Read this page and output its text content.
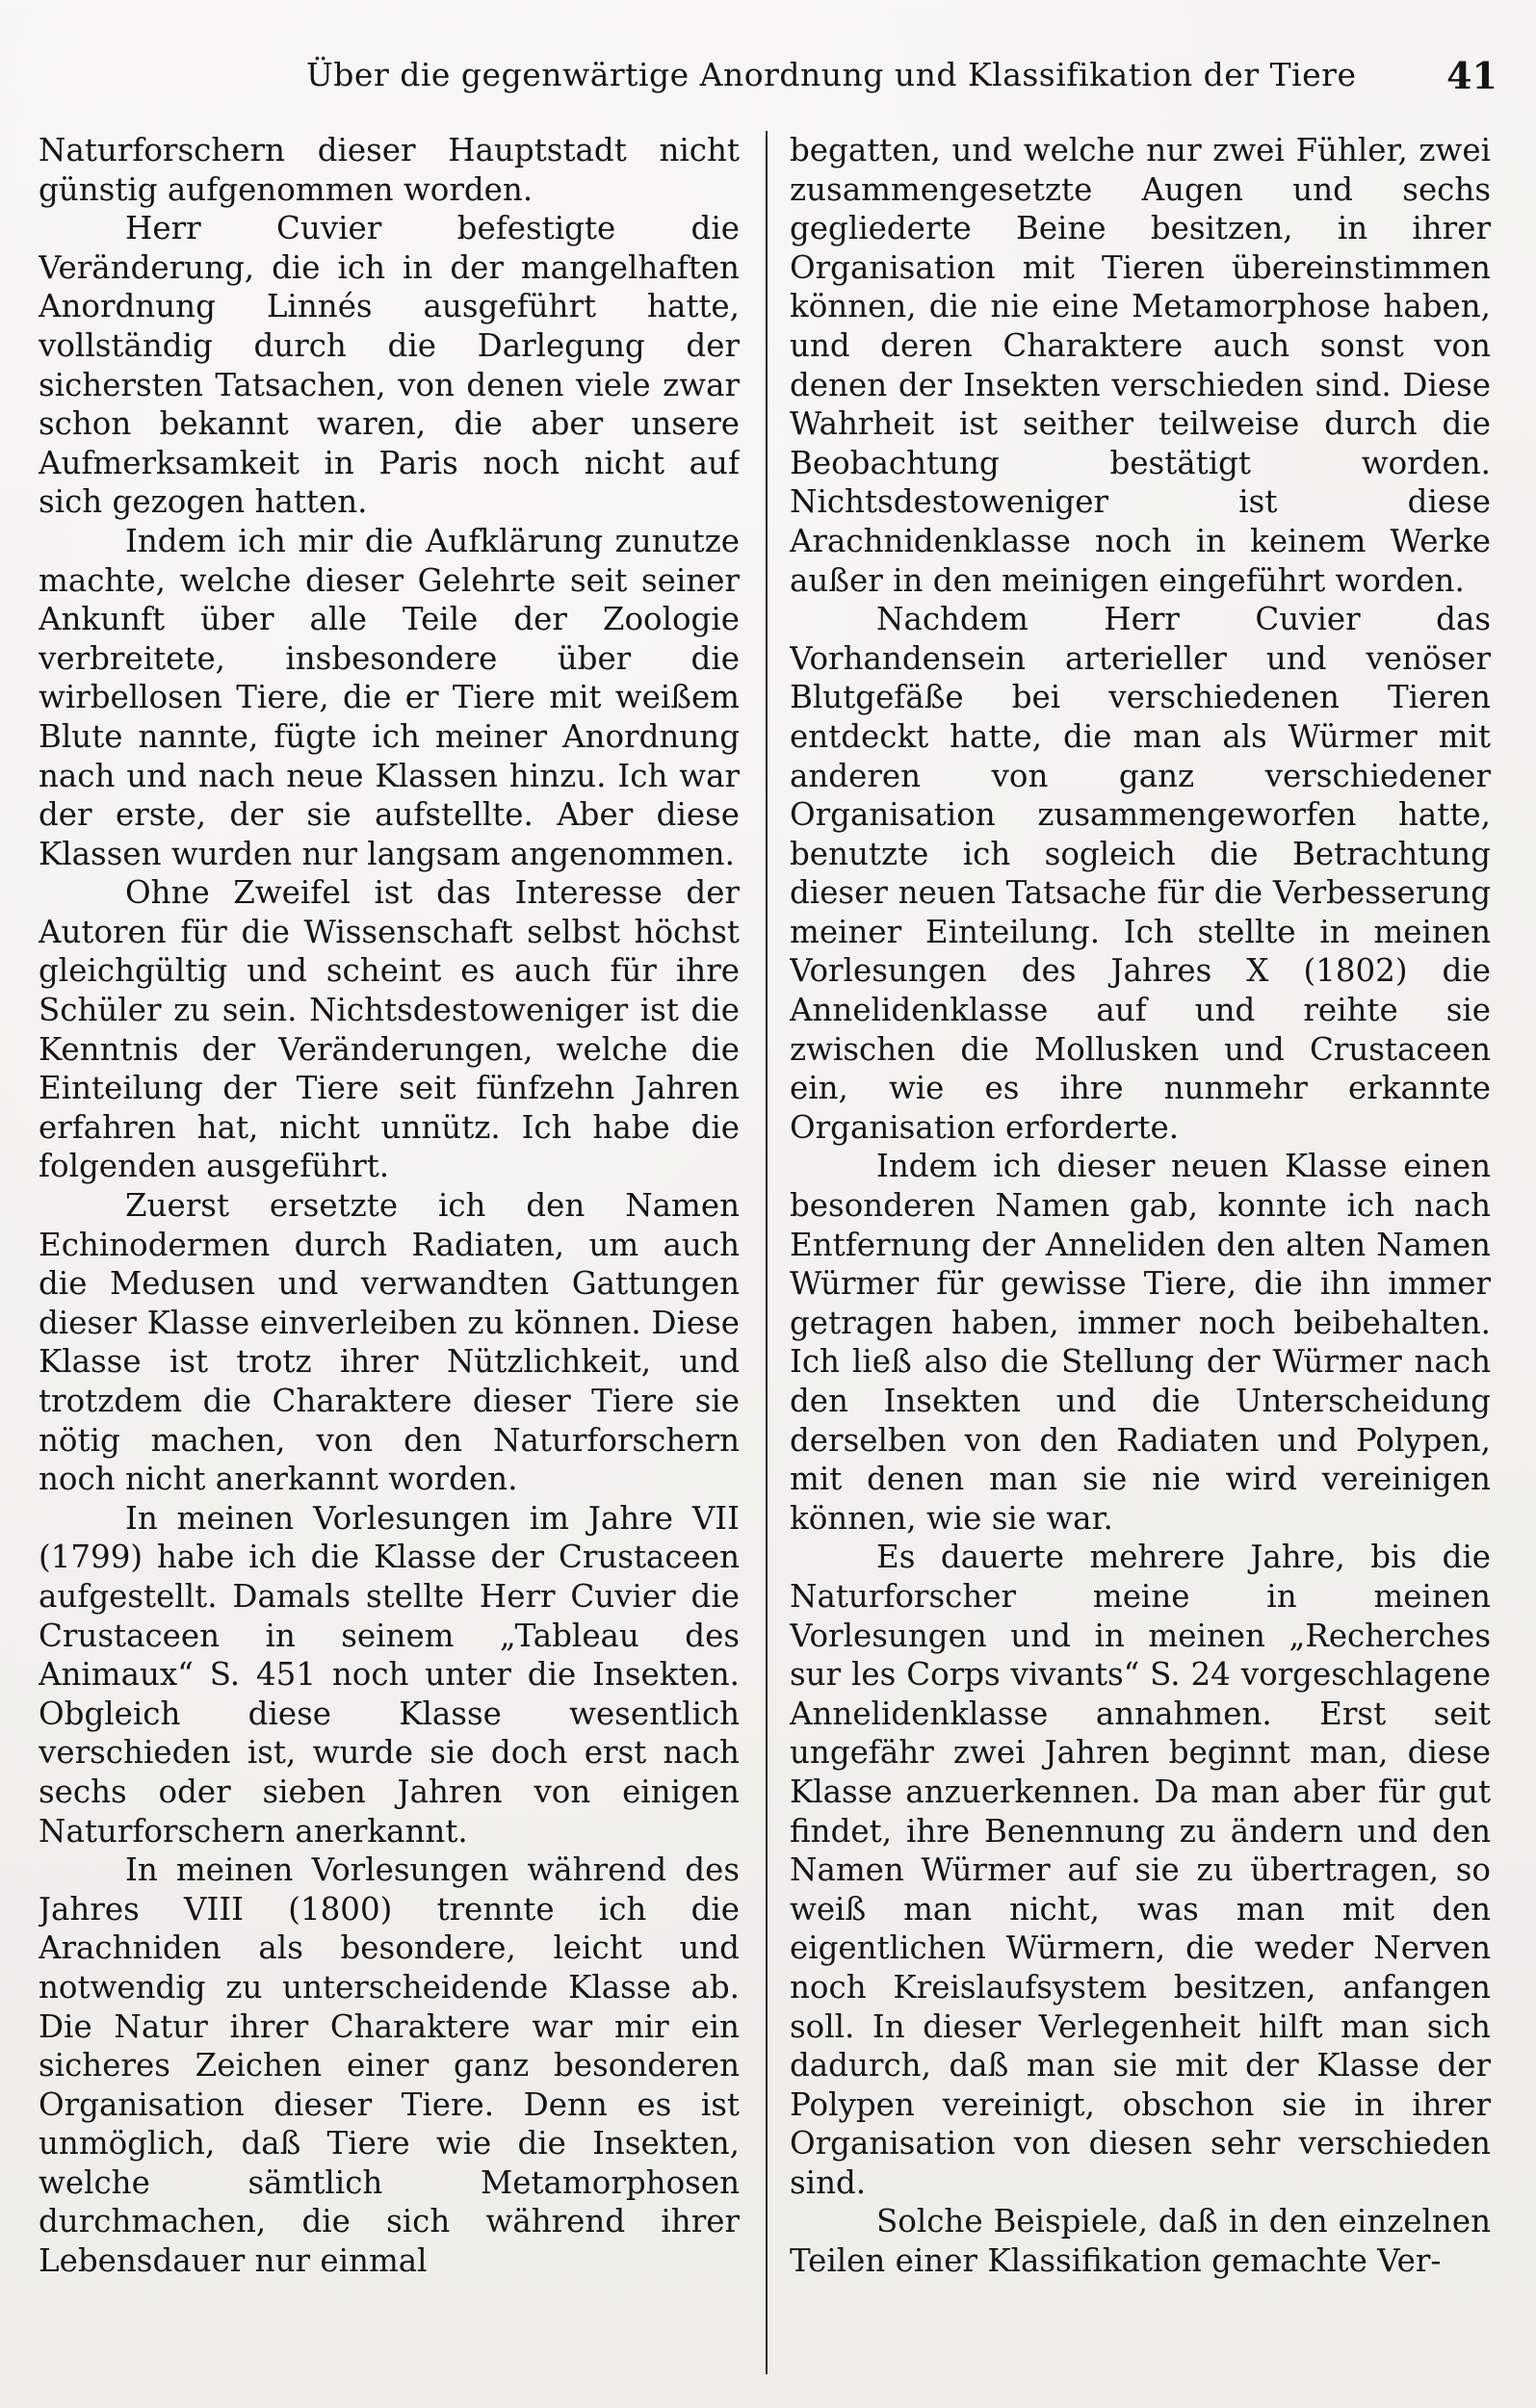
Über die gegenwärtige Anordnung und Klassifikation der Tiere 41

Naturforschern dieser Hauptstadt nicht günstig aufgenommen worden.

Herr Cuvier befestigte die Veränderung, die ich in der mangelhaften Anordnung Linnés ausgeführt hatte, vollständig durch die Darlegung der sichersten Tatsachen, von denen viele zwar schon bekannt waren, die aber unsere Aufmerksamkeit in Paris noch nicht auf sich gezogen hatten.

Indem ich mir die Aufklärung zunutze machte, welche dieser Gelehrte seit seiner Ankunft über alle Teile der Zoologie verbreitete, insbesondere über die wirbellosen Tiere, die er Tiere mit weißem Blute nannte, fügte ich meiner Anordnung nach und nach neue Klassen hinzu. Ich war der erste, der sie aufstellte. Aber diese Klassen wurden nur langsam angenommen.

Ohne Zweifel ist das Interesse der Autoren für die Wissenschaft selbst höchst gleichgültig und scheint es auch für ihre Schüler zu sein. Nichtsdestoweniger ist die Kenntnis der Veränderungen, welche die Einteilung der Tiere seit fünfzehn Jahren erfahren hat, nicht unnütz. Ich habe die folgenden ausgeführt.

Zuerst ersetzte ich den Namen Echinodermen durch Radiaten, um auch die Medusen und verwandten Gattungen dieser Klasse einverleiben zu können. Diese Klasse ist trotz ihrer Nützlichkeit, und trotzdem die Charaktere dieser Tiere sie nötig machen, von den Naturforschern noch nicht anerkannt worden.

In meinen Vorlesungen im Jahre VII (1799) habe ich die Klasse der Crustaceen aufgestellt. Damals stellte Herr Cuvier die Crustaceen in seinem „Tableau des Animaux“ S. 451 noch unter die Insekten. Obgleich diese Klasse wesentlich verschieden ist, wurde sie doch erst nach sechs oder sieben Jahren von einigen Naturforschern anerkannt.

In meinen Vorlesungen während des Jahres VIII (1800) trennte ich die Arachniden als besondere, leicht und notwendig zu unterscheidende Klasse ab. Die Natur ihrer Charaktere war mir ein sicheres Zeichen einer ganz besonderen Organisation dieser Tiere. Denn es ist unmöglich, daß Tiere wie die Insekten, welche sämtlich Metamorphosen durchmachen, die sich während ihrer Lebensdauer nur einmal

begatten, und welche nur zwei Fühler, zwei zusammengesetzte Augen und sechs gegliederte Beine besitzen, in ihrer Organisation mit Tieren übereinstimmen können, die nie eine Metamorphose haben, und deren Charaktere auch sonst von denen der Insekten verschieden sind. Diese Wahrheit ist seither teilweise durch die Beobachtung bestätigt worden. Nichtsdestoweniger ist diese Arachnidenklasse noch in keinem Werke außer in den meinigen eingeführt worden.

Nachdem Herr Cuvier das Vorhandensein arterieller und venöser Blutgefäße bei verschiedenen Tieren entdeckt hatte, die man als Würmer mit anderen von ganz verschiedener Organisation zusammengeworfen hatte, benutzte ich sogleich die Betrachtung dieser neuen Tatsache für die Verbesserung meiner Einteilung. Ich stellte in meinen Vorlesungen des Jahres X (1802) die Annelidenklasse auf und reihte sie zwischen die Mollusken und Crustaceen ein, wie es ihre nunmehr erkannte Organisation erforderte.

Indem ich dieser neuen Klasse einen besonderen Namen gab, konnte ich nach Entfernung der Anneliden den alten Namen Würmer für gewisse Tiere, die ihn immer getragen haben, immer noch beibehalten. Ich ließ also die Stellung der Würmer nach den Insekten und die Unterscheidung derselben von den Radiaten und Polypen, mit denen man sie nie wird vereinigen können, wie sie war.

Es dauerte mehrere Jahre, bis die Naturforscher meine in meinen Vorlesungen und in meinen „Recherches sur les Corps vivants“ S. 24 vorgeschlagene Annelidenklasse annahmen. Erst seit ungefähr zwei Jahren beginnt man, diese Klasse anzuerkennen. Da man aber für gut findet, ihre Benennung zu ändern und den Namen Würmer auf sie zu übertragen, so weiß man nicht, was man mit den eigentlichen Würmern, die weder Nerven noch Kreislaufsystem besitzen, anfangen soll. In dieser Verlegenheit hilft man sich dadurch, daß man sie mit der Klasse der Polypen vereinigt, obschon sie in ihrer Organisation von diesen sehr verschieden sind.

Solche Beispiele, daß in den einzelnen Teilen einer Klassifikation gemachte Ver-
